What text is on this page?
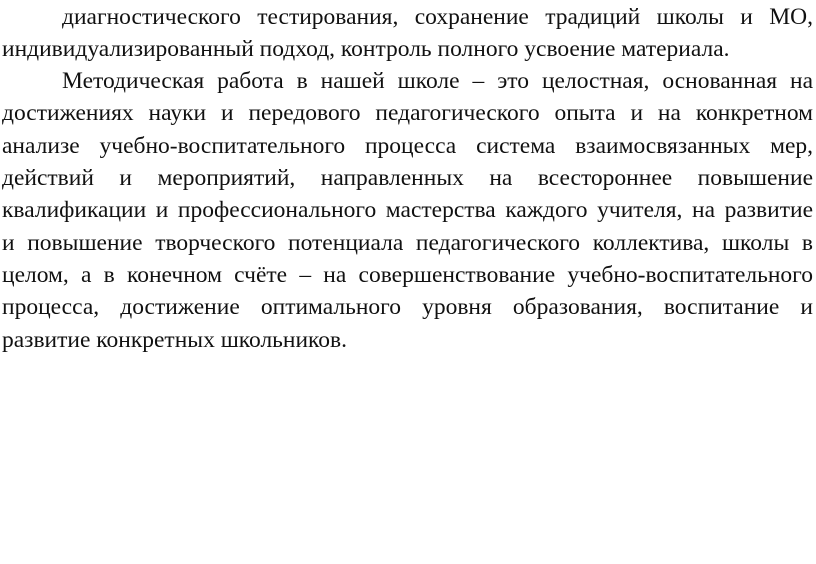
диагностического тестирования, сохранение традиций школы и МО,
индивидуализированный подход, контроль полного усвоение материала.
Методическая работа в нашей школе – это целостная, основанная на
достижениях науки и передового педагогического опыта и на конкретном
анализе учебно-воспитательного процесса система взаимосвязанных мер,
действий и мероприятий, направленных на всестороннее повышение
квалификации и профессионального мастерства каждого учителя, на развитие
и повышение творческого потенциала педагогического коллектива, школы в
целом, а в конечном счёте – на совершенствование учебно-воспитательного
процесса, достижение оптимального уровня образования, воспитание и
развитие конкретных школьников.
